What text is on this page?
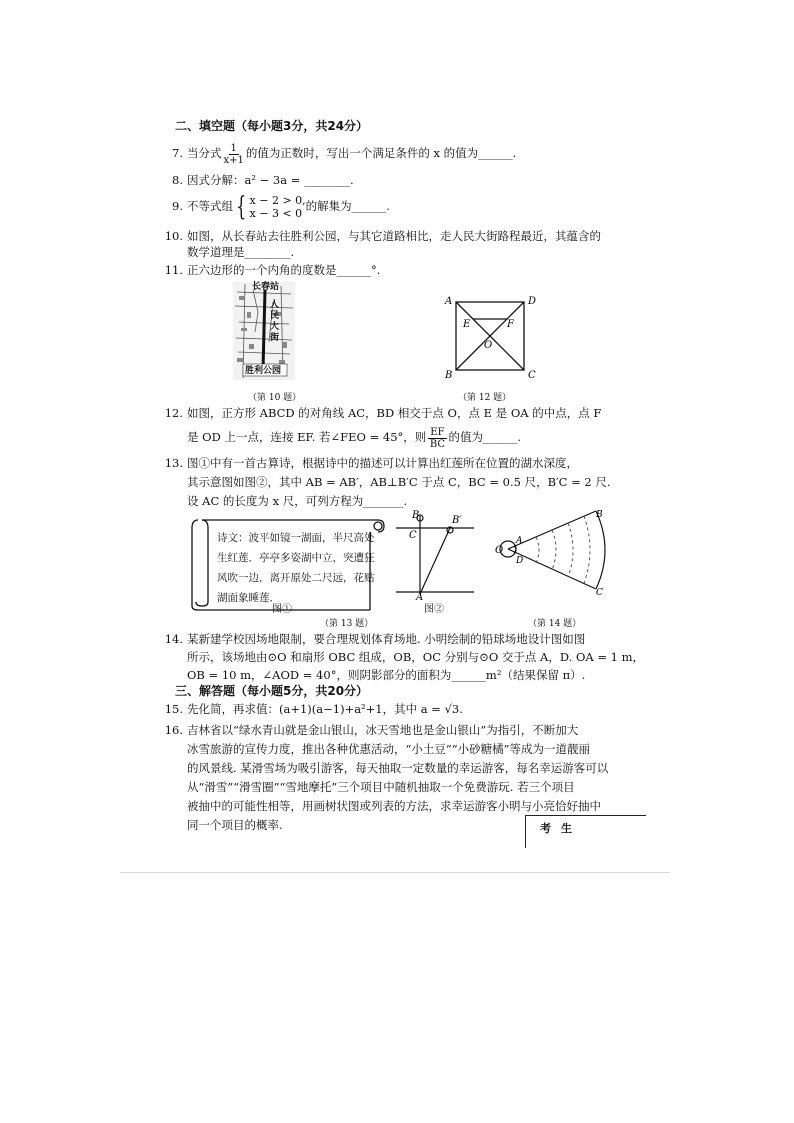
二、填空题（每小题3分，共24分）
7. 当分式 $\frac{1}{x+1}$ 的值为正数时，写出一个满足条件的 x 的值为______.
8. 因式分解：a² − 3a = ________.
9. 不等式组 { x − 2 > 0,
x − 3 < 0
的解集为______.
10. 如图，从长春站去往胜利公园，与其它道路相比，走人民大街路程最近，其蕴含的
数学道理是________.
11. 正六边形的一个内角的度数是______°.
长春站
人民大街
胜利公园
（第 10 题）
A	D
B	C
E	F
O
（第 12 题）
12. 如图，正方形 ABCD 的对角线 AC，BD 相交于点 O，点 E 是 OA 的中点，点 F
是 OD 上一点，连接 EF. 若∠FEO = 45°，则 $\frac{EF}{BC}$ 的值为______.
13. 图①中有一首古算诗，根据诗中的描述可以计算出红莲所在位置的湖水深度，
其示意图如图②，其中 AB = AB′，AB⊥B′C 于点 C，BC = 0.5 尺，B′C = 2 尺.
设 AC 的长度为 x 尺，可列方程为_______.
诗文：波平如镜一湖面，半尺高处生红莲．亭亭多姿湖中立，突遭狂风吹一边．离开原处二尺远，花贴湖面象睡莲．
图①
B	B′
C
A
图②
（第 13 题）
O
A
D
B
C
（第 14 题）
14. 某新建学校因场地限制，要合理规划体育场地. 小明绘制的铅球场地设计图如图
所示，该场地由⊙O 和扇形 OBC 组成，OB，OC 分别与⊙O 交于点 A，D. OA = 1 m，
OB = 10 m，∠AOD = 40°，则阴影部分的面积为______m²（结果保留 π）.
三、解答题（每小题5分，共20分）
15. 先化简，再求值：(a+1)(a−1)+a²+1，其中 a = √3.
16. 吉林省以“绿水青山就是金山银山，冰天雪地也是金山银山”为指引，不断加大
冰雪旅游的宣传力度，推出各种优惠活动，“小土豆”“小砂糖橘”等成为一道靓丽
的风景线. 某滑雪场为吸引游客，每天抽取一定数量的幸运游客，每名幸运游客可以
从“滑雪”“滑雪圈”“雪地摩托”三个项目中随机抽取一个免费游玩. 若三个项目
被抽中的可能性相等，用画树状图或列表的方法，求幸运游客小明与小亮恰好抽中
同一个项目的概率.	考生
